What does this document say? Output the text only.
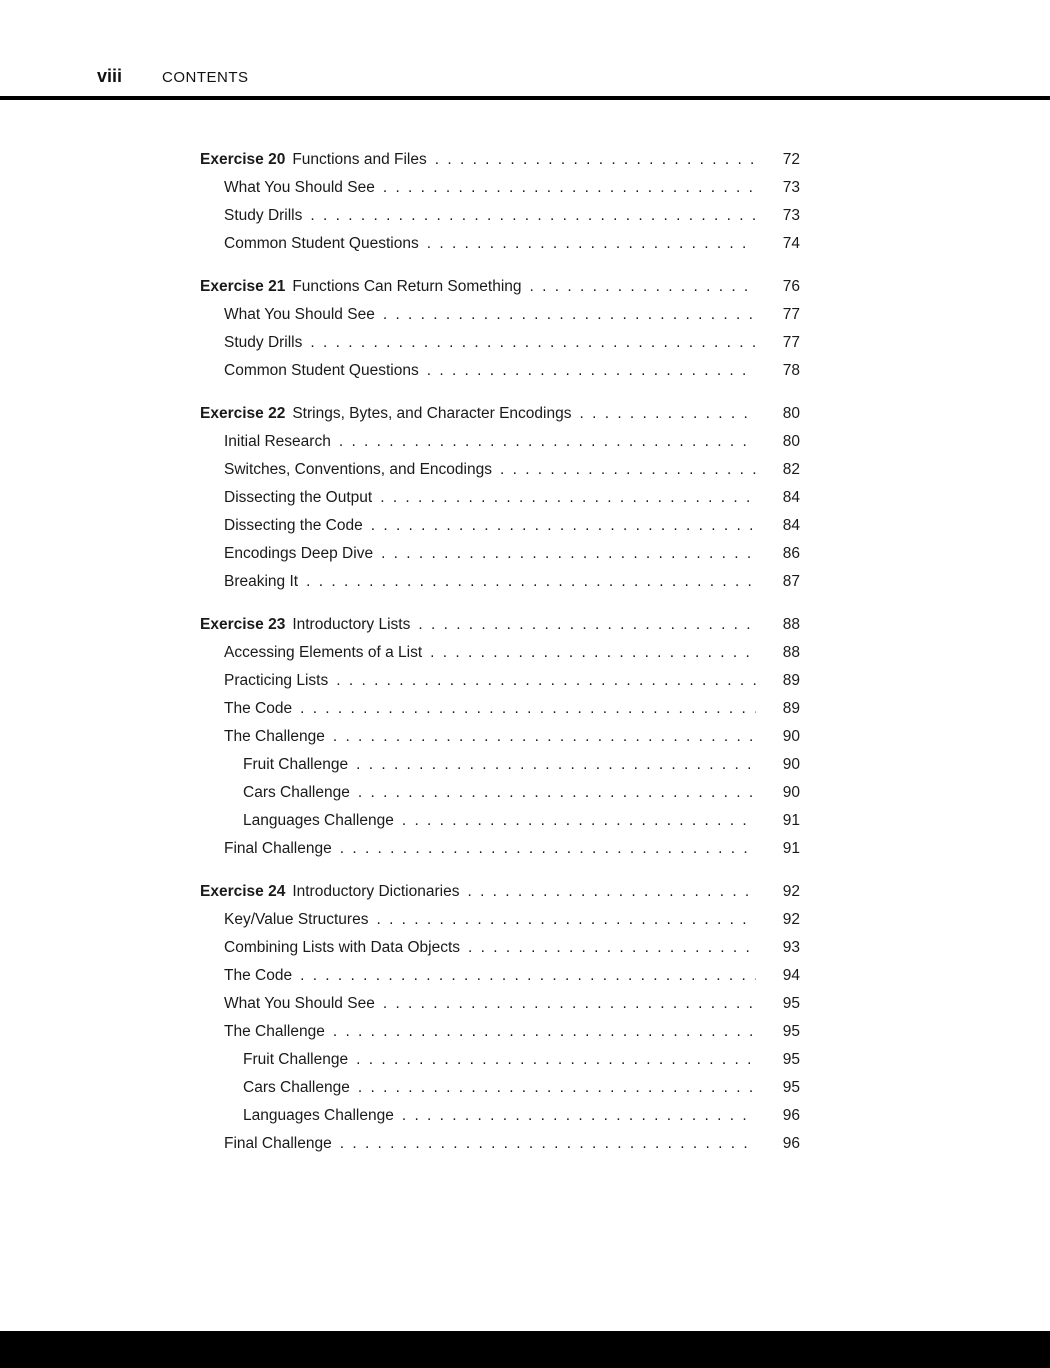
viii	CONTENTS
Exercise 20 Functions and Files . . .	72
What You Should See . . .	73
Study Drills . . .	73
Common Student Questions . . .	74
Exercise 21 Functions Can Return Something . . .	76
What You Should See . . .	77
Study Drills . . .	77
Common Student Questions . . .	78
Exercise 22 Strings, Bytes, and Character Encodings . . .	80
Initial Research . . .	80
Switches, Conventions, and Encodings . . .	82
Dissecting the Output . . .	84
Dissecting the Code . . .	84
Encodings Deep Dive . . .	86
Breaking It . . .	87
Exercise 23 Introductory Lists . . .	88
Accessing Elements of a List . . .	88
Practicing Lists . . .	89
The Code . . .	89
The Challenge . . .	90
Fruit Challenge . . .	90
Cars Challenge . . .	90
Languages Challenge . . .	91
Final Challenge . . .	91
Exercise 24 Introductory Dictionaries . . .	92
Key/Value Structures . . .	92
Combining Lists with Data Objects . . .	93
The Code . . .	94
What You Should See . . .	95
The Challenge . . .	95
Fruit Challenge . . .	95
Cars Challenge . . .	95
Languages Challenge . . .	96
Final Challenge . . .	96
